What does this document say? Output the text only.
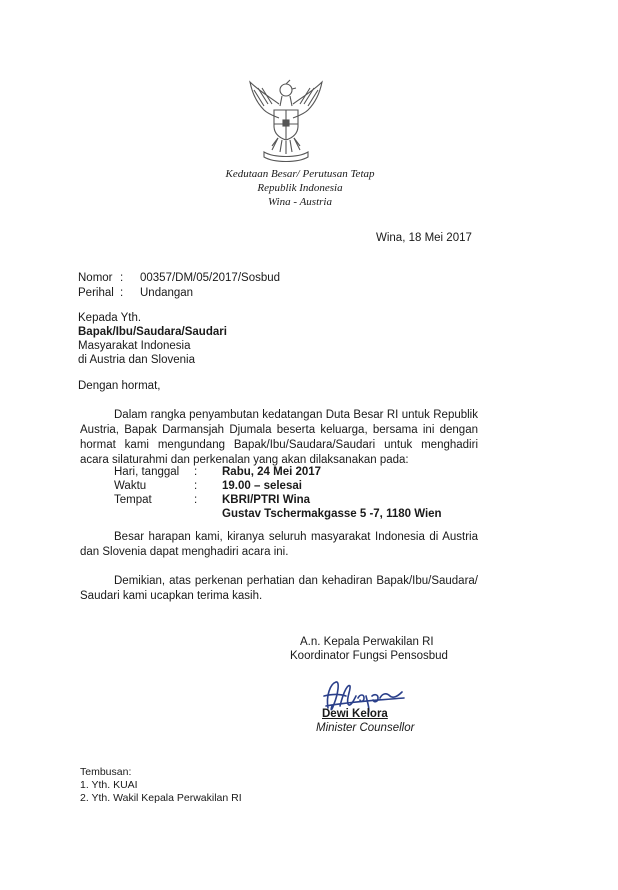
Kedutaan Besar/ Perutusan Tetap
Republik Indonesia
Wina - Austria
Wina, 18 Mei 2017
Nomor : 00357/DM/05/2017/Sosbud
Perihal : Undangan
Kepada Yth.
Bapak/Ibu/Saudara/Saudari
Masyarakat Indonesia
di Austria dan Slovenia
Dengan hormat,
Dalam rangka penyambutan kedatangan Duta Besar RI untuk Republik Austria, Bapak Darmansjah Djumala beserta keluarga, bersama ini dengan hormat kami mengundang Bapak/Ibu/Saudara/Saudari untuk menghadiri acara silaturahmi dan perkenalan yang akan dilaksanakan pada:
Hari, tanggal : Rabu, 24 Mei 2017
Waktu	: 19.00 – selesai
Tempat	: KBRI/PTRI Wina
Gustav Tschermakgasse 5 -7, 1180 Wien
Besar harapan kami, kiranya seluruh masyarakat Indonesia di Austria dan Slovenia dapat menghadiri acara ini.
Demikian, atas perkenan perhatian dan kehadiran Bapak/Ibu/Saudara/ Saudari kami ucapkan terima kasih.
A.n. Kepala Perwakilan RI
Koordinator Fungsi Pensosbud
Dewi Kelora
Minister Counsellor
Tembusan:
1. Yth. KUAI
2. Yth. Wakil Kepala Perwakilan RI
